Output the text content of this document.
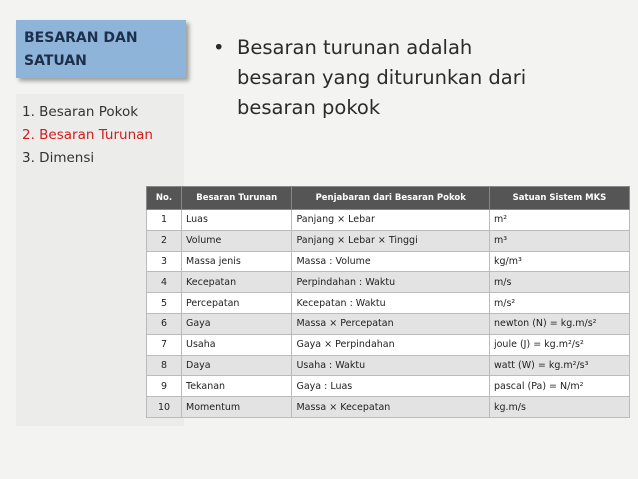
BESARAN DAN
SATUAN
1. Besaran Pokok
2. Besaran Turunan
3. Dimensi
• Besaran turunan adalah
besaran yang diturunkan dari
besaran pokok
No.	Besaran Turunan	Penjabaran dari Besaran Pokok	Satuan Sistem MKS
1	Luas	Panjang × Lebar	m²
2	Volume	Panjang × Lebar × Tinggi	m³
3	Massa jenis	Massa : Volume	kg/m³
4	Kecepatan	Perpindahan : Waktu	m/s
5	Percepatan	Kecepatan : Waktu	m/s²
6	Gaya	Massa × Percepatan	newton (N) = kg.m/s²
7	Usaha	Gaya × Perpindahan	joule (J) = kg.m²/s²
8	Daya	Usaha : Waktu	watt (W) = kg.m²/s³
9	Tekanan	Gaya : Luas	pascal (Pa) = N/m²
10	Momentum	Massa × Kecepatan	kg.m/s
